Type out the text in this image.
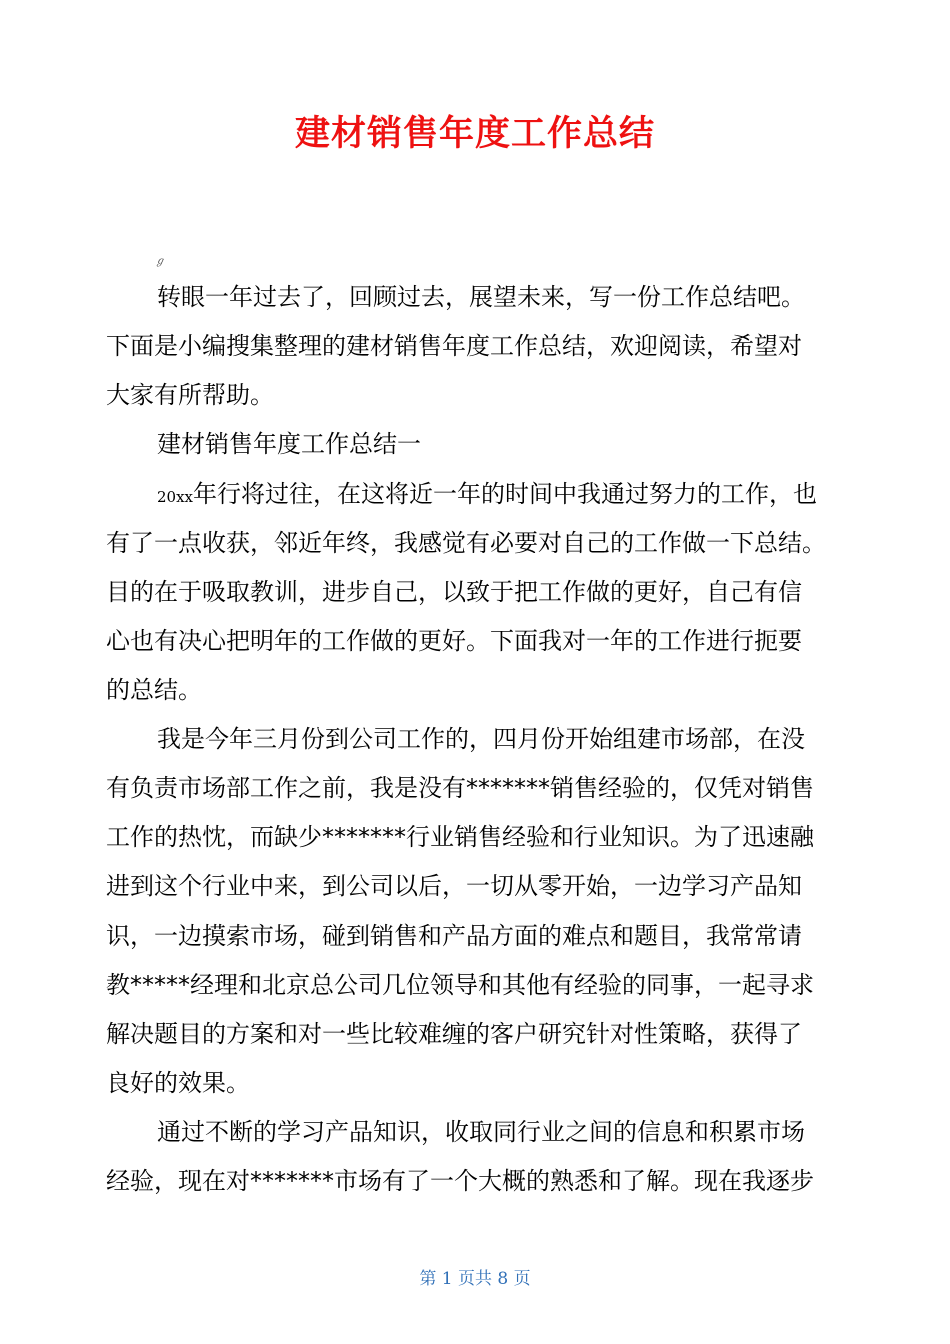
建材销售年度工作总结
ℊ
转眼一年过去了，回顾过去，展望未来，写一份工作总结吧。
下面是小编搜集整理的建材销售年度工作总结，欢迎阅读，希望对
大家有所帮助。
建材销售年度工作总结一
20xx年行将过往，在这将近一年的时间中我通过努力的工作，也
有了一点收获，邻近年终，我感觉有必要对自己的工作做一下总结。
目的在于吸取教训，进步自己，以致于把工作做的更好，自己有信
心也有决心把明年的工作做的更好。下面我对一年的工作进行扼要
的总结。
我是今年三月份到公司工作的，四月份开始组建市场部，在没
有负责市场部工作之前，我是没有*******销售经验的，仅凭对销售
工作的热忱，而缺少*******行业销售经验和行业知识。为了迅速融
进到这个行业中来，到公司以后，一切从零开始，一边学习产品知
识，一边摸索市场，碰到销售和产品方面的难点和题目，我常常请
教*****经理和北京总公司几位领导和其他有经验的同事，一起寻求
解决题目的方案和对一些比较难缠的客户研究针对性策略，获得了
良好的效果。
通过不断的学习产品知识，收取同行业之间的信息和积累市场
经验，现在对*******市场有了一个大概的熟悉和了解。现在我逐步
第 1 页共 8 页
